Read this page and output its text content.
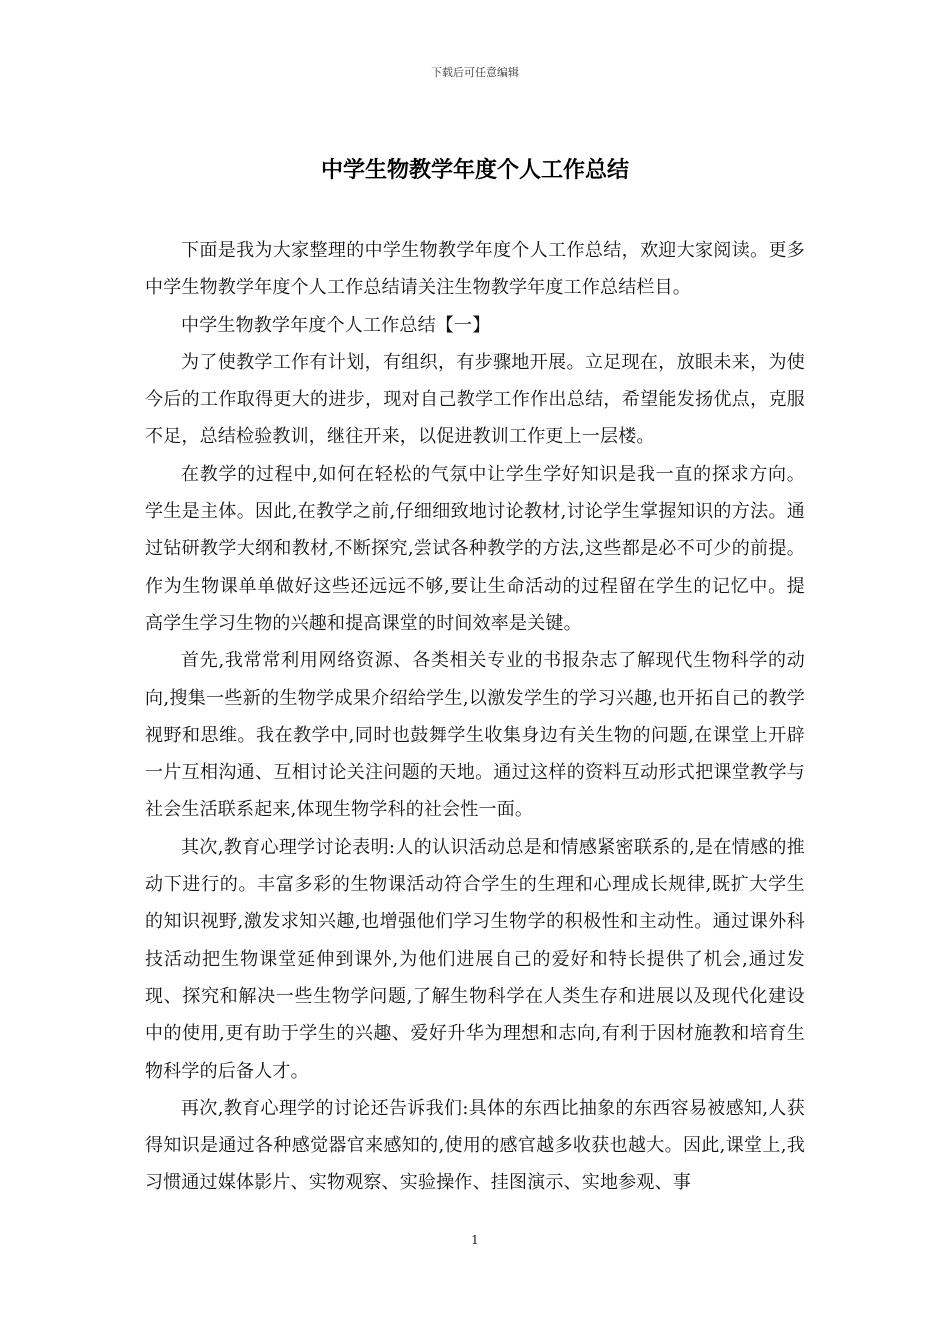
下载后可任意编辑
中学生物教学年度个人工作总结

下面是我为大家整理的中学生物教学年度个人工作总结，欢迎大家阅读。更多中学生物教学年度个人工作总结请关注生物教学年度工作总结栏目。

中学生物教学年度个人工作总结【一】

为了使教学工作有计划，有组织，有步骤地开展。立足现在，放眼未来，为使今后的工作取得更大的进步，现对自己教学工作作出总结，希望能发扬优点，克服不足，总结检验教训，继往开来，以促进教训工作更上一层楼。

在教学的过程中,如何在轻松的气氛中让学生学好知识是我一直的探求方向。学生是主体。因此,在教学之前,仔细细致地讨论教材,讨论学生掌握知识的方法。通过钻研教学大纲和教材,不断探究,尝试各种教学的方法,这些都是必不可少的前提。作为生物课单单做好这些还远远不够,要让生命活动的过程留在学生的记忆中。提高学生学习生物的兴趣和提高课堂的时间效率是关键。

首先,我常常利用网络资源、各类相关专业的书报杂志了解现代生物科学的动向,搜集一些新的生物学成果介绍给学生,以激发学生的学习兴趣,也开拓自己的教学视野和思维。我在教学中,同时也鼓舞学生收集身边有关生物的问题,在课堂上开辟一片互相沟通、互相讨论关注问题的天地。通过这样的资料互动形式把课堂教学与社会生活联系起来,体现生物学科的社会性一面。

其次,教育心理学讨论表明:人的认识活动总是和情感紧密联系的,是在情感的推动下进行的。丰富多彩的生物课活动符合学生的生理和心理成长规律,既扩大学生的知识视野,激发求知兴趣,也增强他们学习生物学的积极性和主动性。通过课外科技活动把生物课堂延伸到课外,为他们进展自己的爱好和特长提供了机会,通过发现、探究和解决一些生物学问题,了解生物科学在人类生存和进展以及现代化建设中的使用,更有助于学生的兴趣、爱好升华为理想和志向,有利于因材施教和培育生物科学的后备人才。

再次,教育心理学的讨论还告诉我们:具体的东西比抽象的东西容易被感知,人获得知识是通过各种感觉器官来感知的,使用的感官越多收获也越大。因此,课堂上,我习惯通过媒体影片、实物观察、实验操作、挂图演示、实地参观、事

1
